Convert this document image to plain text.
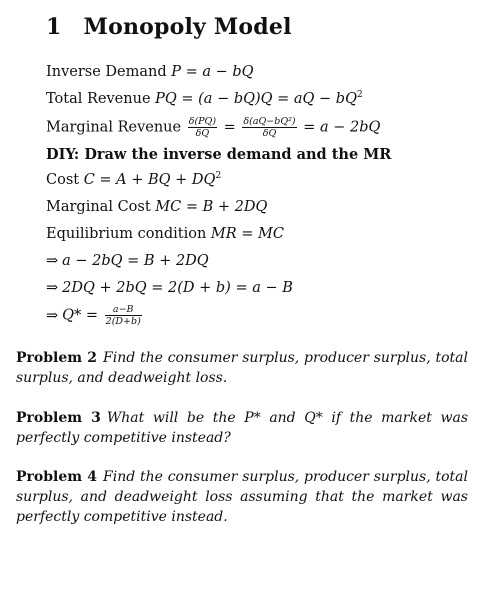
1 Monopoly Model
Inverse Demand P = a − bQ
Total Revenue PQ = (a − bQ)Q = aQ − $bQ^2$
Marginal Revenue $\frac{\delta(PQ)}{\delta Q} = \frac{\text{δ(aQ−bQ²)}}{\delta Q} = a - 2bQ$
DIY: Draw the inverse demand and the MR
Cost C = A + BQ + $DQ^2$
Marginal Cost MC = B + 2DQ
Equilibrium condition MR = MC
⇒ a − 2bQ = B + 2DQ
⇒ 2DQ + 2bQ = 2(D + b) = a − B
⇒ $Q* = \frac{a-B}{2(D+b)}$
Problem 2 Find the consumer surplus, producer surplus, total surplus, and deadweight loss.
Problem 3 What will be the P* and Q* if the market was perfectly competitive instead?
Problem 4 Find the consumer surplus, producer surplus, total surplus, and deadweight loss assuming that the market was perfectly competitive instead.
